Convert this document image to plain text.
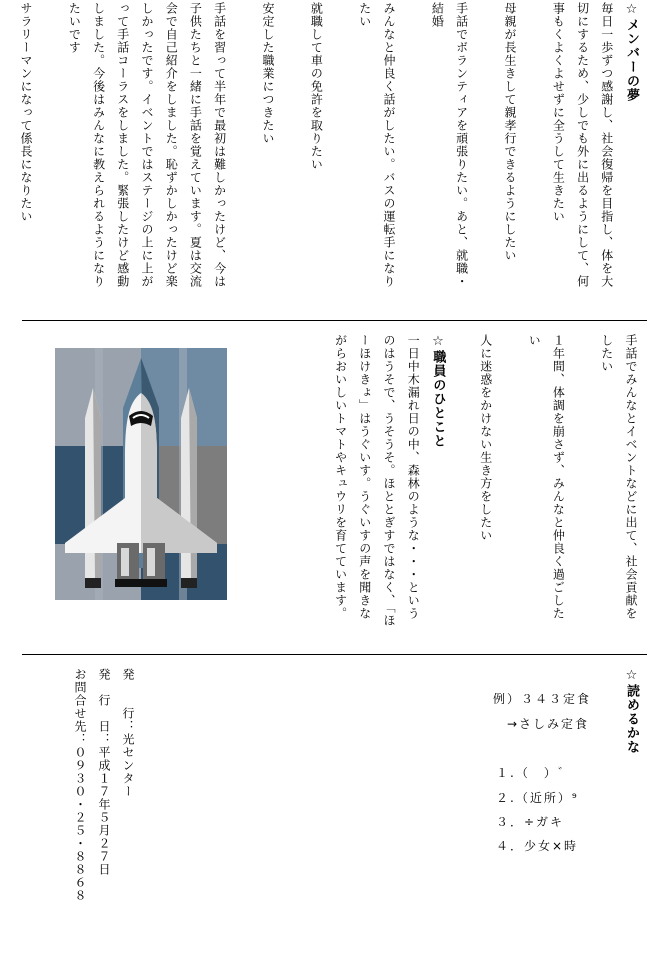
☆メンバーの夢
毎日一歩ずつ感謝し、社会復帰を目指し、体を大
切にするため、少しでも外に出るようにして、何
事もくよくよせずに全うして生きたい
母親が長生きして親孝行できるようにしたい
手話でボランティアを頑張りたい。あと、就職・
結婚
みんなと仲良く話がしたい。バスの運転手になり
たい
就職して車の免許を取りたい
安定した職業につきたい
手話を習って半年で最初は難しかったけど、今は
子供たちと一緒に手話を覚えています。夏は交流
会で自己紹介をしました。恥ずかしかったけど楽
しかったです。イベントではステージの上に上が
って手話コーラスをしました。緊張したけど感動
しました。今後はみんなに教えられるようになり
たいです
サラリーマンになって係長になりたい
手話でみんなとイベントなどに出て、社会貢献を
したい
１年間、体調を崩さず、みんなと仲良く過ごした
い
人に迷惑をかけない生き方をしたい
☆職員のひとこと
一日中木漏れ日の中、森林のような・・・という
のはうそで、うそうそ。ほととぎすではなく、「ほ
ーほけきょ」はうぐいす。うぐいすの声を聞きな
がらおいしいトマトやキュウリを育てています。
☆読めるかな
例）３４３定食
→さしみ定食
１.（　）゛
２.（近所）⁹
３．÷ガキ
４．少女×時
発　　行：光センター
発　行　日：平成１７年５月２７日
お問合せ先：０９３０・２５・８８６８
